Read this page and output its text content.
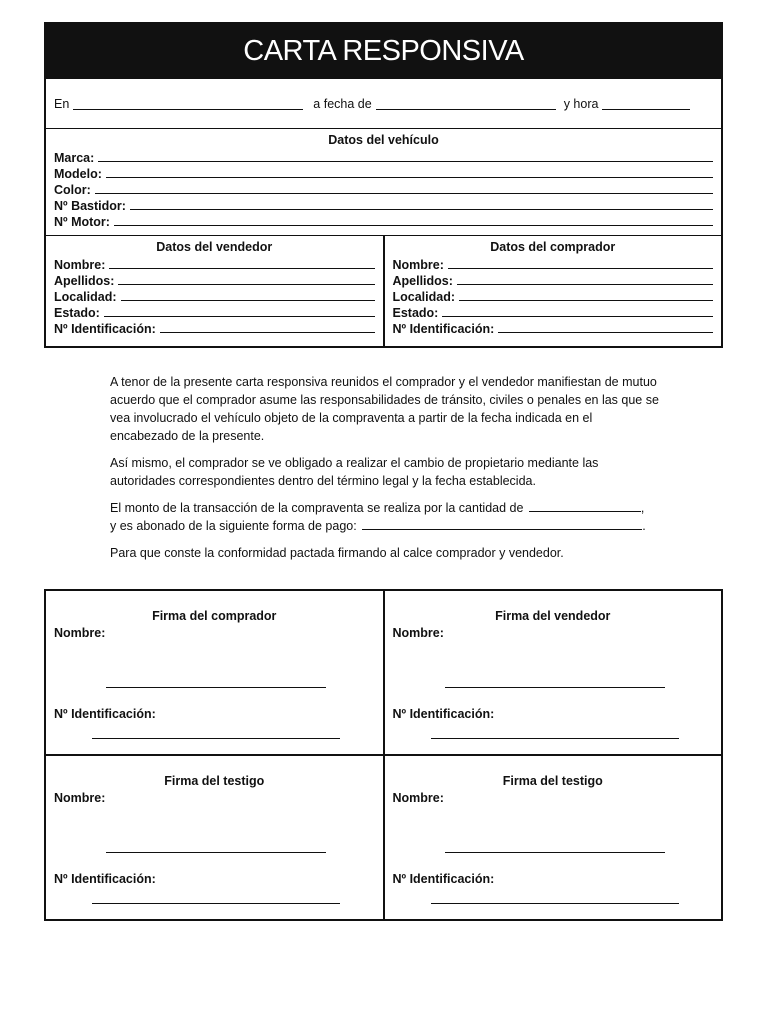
CARTA RESPONSIVA
En	a fecha de	y hora
Datos del vehículo
Marca:
Modelo:
Color:
Nº Bastidor:
Nº Motor:
Datos del vendedor
Nombre:
Apellidos:
Localidad:
Estado:
Nº Identificación:
Datos del comprador
Nombre:
Apellidos:
Localidad:
Estado:
Nº Identificación:

A tenor de la presente carta responsiva reunidos el comprador y el vendedor manifiestan de mutuo acuerdo que el comprador asume las responsabilidades de tránsito, civiles o penales en las que se vea involucrado el vehículo objeto de la compraventa a partir de la fecha indicada en el encabezado de la presente.

Así mismo, el comprador se ve obligado a realizar el cambio de propietario mediante las autoridades correspondientes dentro del término legal y la fecha establecida.

El monto de la transacción de la compraventa se realiza por la cantidad de	,
y es abonado de la siguiente forma de pago:	.

Para que conste la conformidad pactada firmando al calce comprador y vendedor.

Firma del comprador
Nombre:
Nº Identificación:
Firma del vendedor
Nombre:
Nº Identificación:
Firma del testigo
Nombre:
Nº Identificación:
Firma del testigo
Nombre:
Nº Identificación:
